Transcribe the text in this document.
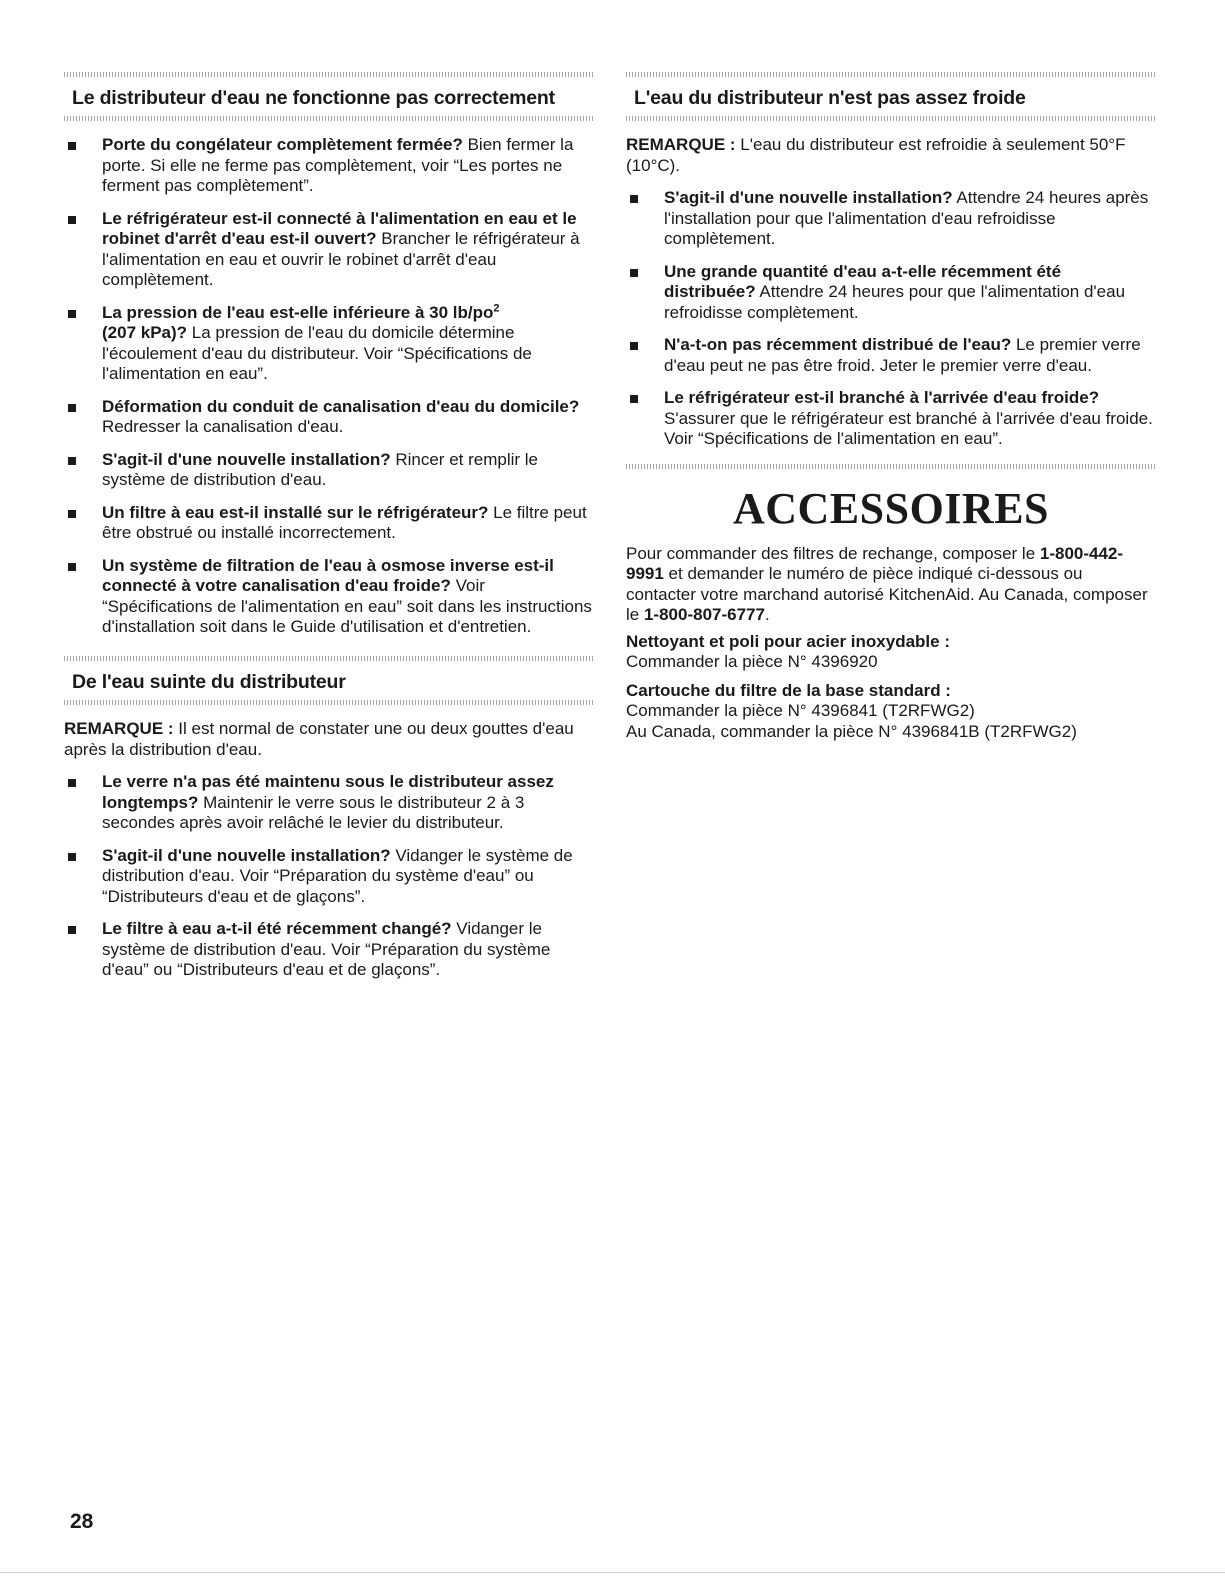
Le distributeur d'eau ne fonctionne pas correctement
Porte du congélateur complètement fermée? Bien fermer la porte. Si elle ne ferme pas complètement, voir “Les portes ne ferment pas complètement”.
Le réfrigérateur est-il connecté à l'alimentation en eau et le robinet d'arrêt d'eau est-il ouvert? Brancher le réfrigérateur à l'alimentation en eau et ouvrir le robinet d'arrêt d'eau complètement.
La pression de l'eau est-elle inférieure à 30 $lb/po^2$
(207 kPa)? La pression de l'eau du domicile détermine l'écoulement d'eau du distributeur. Voir “Spécifications de l'alimentation en eau”.
Déformation du conduit de canalisation d'eau du domicile? Redresser la canalisation d'eau.
S'agit-il d'une nouvelle installation? Rincer et remplir le système de distribution d'eau.
Un filtre à eau est-il installé sur le réfrigérateur? Le filtre peut être obstrué ou installé incorrectement.
Un système de filtration de l'eau à osmose inverse est-il connecté à votre canalisation d'eau froide? Voir “Spécifications de l'alimentation en eau” soit dans les instructions d'installation soit dans le Guide d'utilisation et d'entretien.
De l'eau suinte du distributeur
REMARQUE : Il est normal de constater une ou deux gouttes d'eau après la distribution d'eau.
Le verre n'a pas été maintenu sous le distributeur assez longtemps? Maintenir le verre sous le distributeur 2 à 3 secondes après avoir relâché le levier du distributeur.
S'agit-il d'une nouvelle installation? Vidanger le système de distribution d'eau. Voir “Préparation du système d'eau” ou “Distributeurs d'eau et de glaçons”.
Le filtre à eau a-t-il été récemment changé? Vidanger le système de distribution d'eau. Voir “Préparation du système d'eau” ou “Distributeurs d'eau et de glaçons”.
L'eau du distributeur n'est pas assez froide
REMARQUE : L'eau du distributeur est refroidie à seulement 50°F (10°C).
S'agit-il d'une nouvelle installation? Attendre 24 heures après l'installation pour que l'alimentation d'eau refroidisse complètement.
Une grande quantité d'eau a-t-elle récemment été distribuée? Attendre 24 heures pour que l'alimentation d'eau refroidisse complètement.
N'a-t-on pas récemment distribué de l'eau? Le premier verre d'eau peut ne pas être froid. Jeter le premier verre d'eau.
Le réfrigérateur est-il branché à l'arrivée d'eau froide? S'assurer que le réfrigérateur est branché à l'arrivée d'eau froide. Voir “Spécifications de l'alimentation en eau”.
ACCESSOIRES
Pour commander des filtres de rechange, composer le 1-800-442-9991 et demander le numéro de pièce indiqué ci-dessous ou contacter votre marchand autorisé KitchenAid. Au Canada, composer le 1-800-807-6777.
Nettoyant et poli pour acier inoxydable :
Commander la pièce N° 4396920
Cartouche du filtre de la base standard :
Commander la pièce N° 4396841 (T2RFWG2)
Au Canada, commander la pièce N° 4396841B (T2RFWG2)
28
